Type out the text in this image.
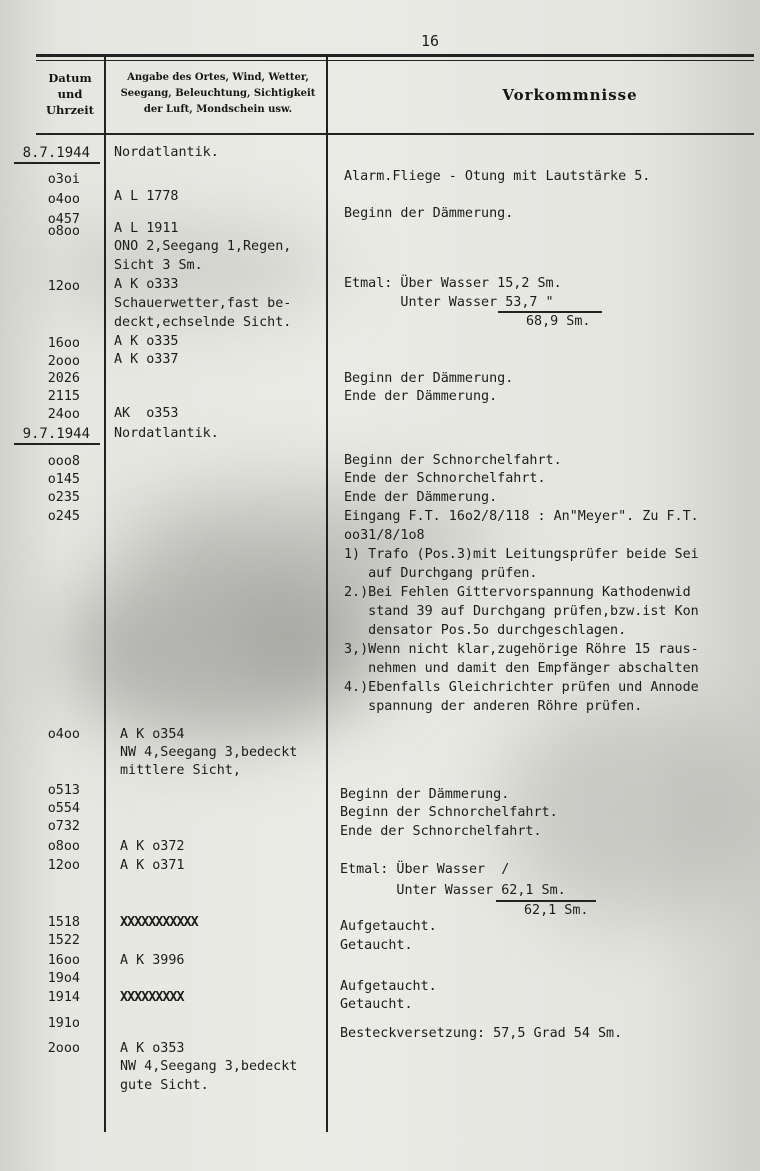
16
Datum
und
Uhrzeit
Angabe des Ortes, Wind, Wetter,
Seegang, Beleuchtung, Sichtigkeit
der Luft, Mondschein usw.
Vorkommnisse
8.7.1944
o3oi
o4oo
o457
o8oo
12oo
16oo
2ooo
2026
2115
24oo
9.7.1944
ooo8
o145
o235
o245
o4oo
o513
o554
o732
o8oo
12oo
1518
1522
16oo
19o4
1914
191o
2ooo
Nordatlantik.
A L 1778
A L 1911
ONO 2,Seegang 1,Regen,
Sicht 3 Sm.
A K o333
Schauerwetter,fast be-
deckt,echselnde Sicht.
A K o335
A K o337
AK  o353
Nordatlantik.
A K o354
NW 4,Seegang 3,bedeckt
mittlere Sicht,
A K o372
A K o371
XXXXXXXXXXX
A K 3996
XXXXXXXXX
A K o353
NW 4,Seegang 3,bedeckt
gute Sicht.
Alarm.Fliege - Otung mit Lautstärke 5.
Beginn der Dämmerung.
Etmal: Über Wasser 15,2 Sm.
Unter Wasser 53,7 "
68,9 Sm.
Beginn der Dämmerung.
Ende der Dämmerung.
Beginn der Schnorchelfahrt.
Ende der Schnorchelfahrt.
Ende der Dämmerung.
Eingang F.T. 16o2/8/118 : An"Meyer". Zu F.T.
oo31/8/1o8
1) Trafo (Pos.3)mit Leitungsprüfer beide Sei
auf Durchgang prüfen.
2.)Bei Fehlen Gittervorspannung Kathodenwid
stand 39 auf Durchgang prüfen,bzw.ist Kon
densator Pos.5o durchgeschlagen.
3,)Wenn nicht klar,zugehörige Röhre 15 raus-
nehmen und damit den Empfänger abschalten
4.)Ebenfalls Gleichrichter prüfen und Annode
spannung der anderen Röhre prüfen.
Beginn der Dämmerung.
Beginn der Schnorchelfahrt.
Ende der Schnorchelfahrt.
Etmal: Über Wasser  /
Unter Wasser 62,1 Sm.
62,1 Sm.
Aufgetaucht.
Getaucht.
Aufgetaucht.
Getaucht.
Besteckversetzung: 57,5 Grad 54 Sm.
